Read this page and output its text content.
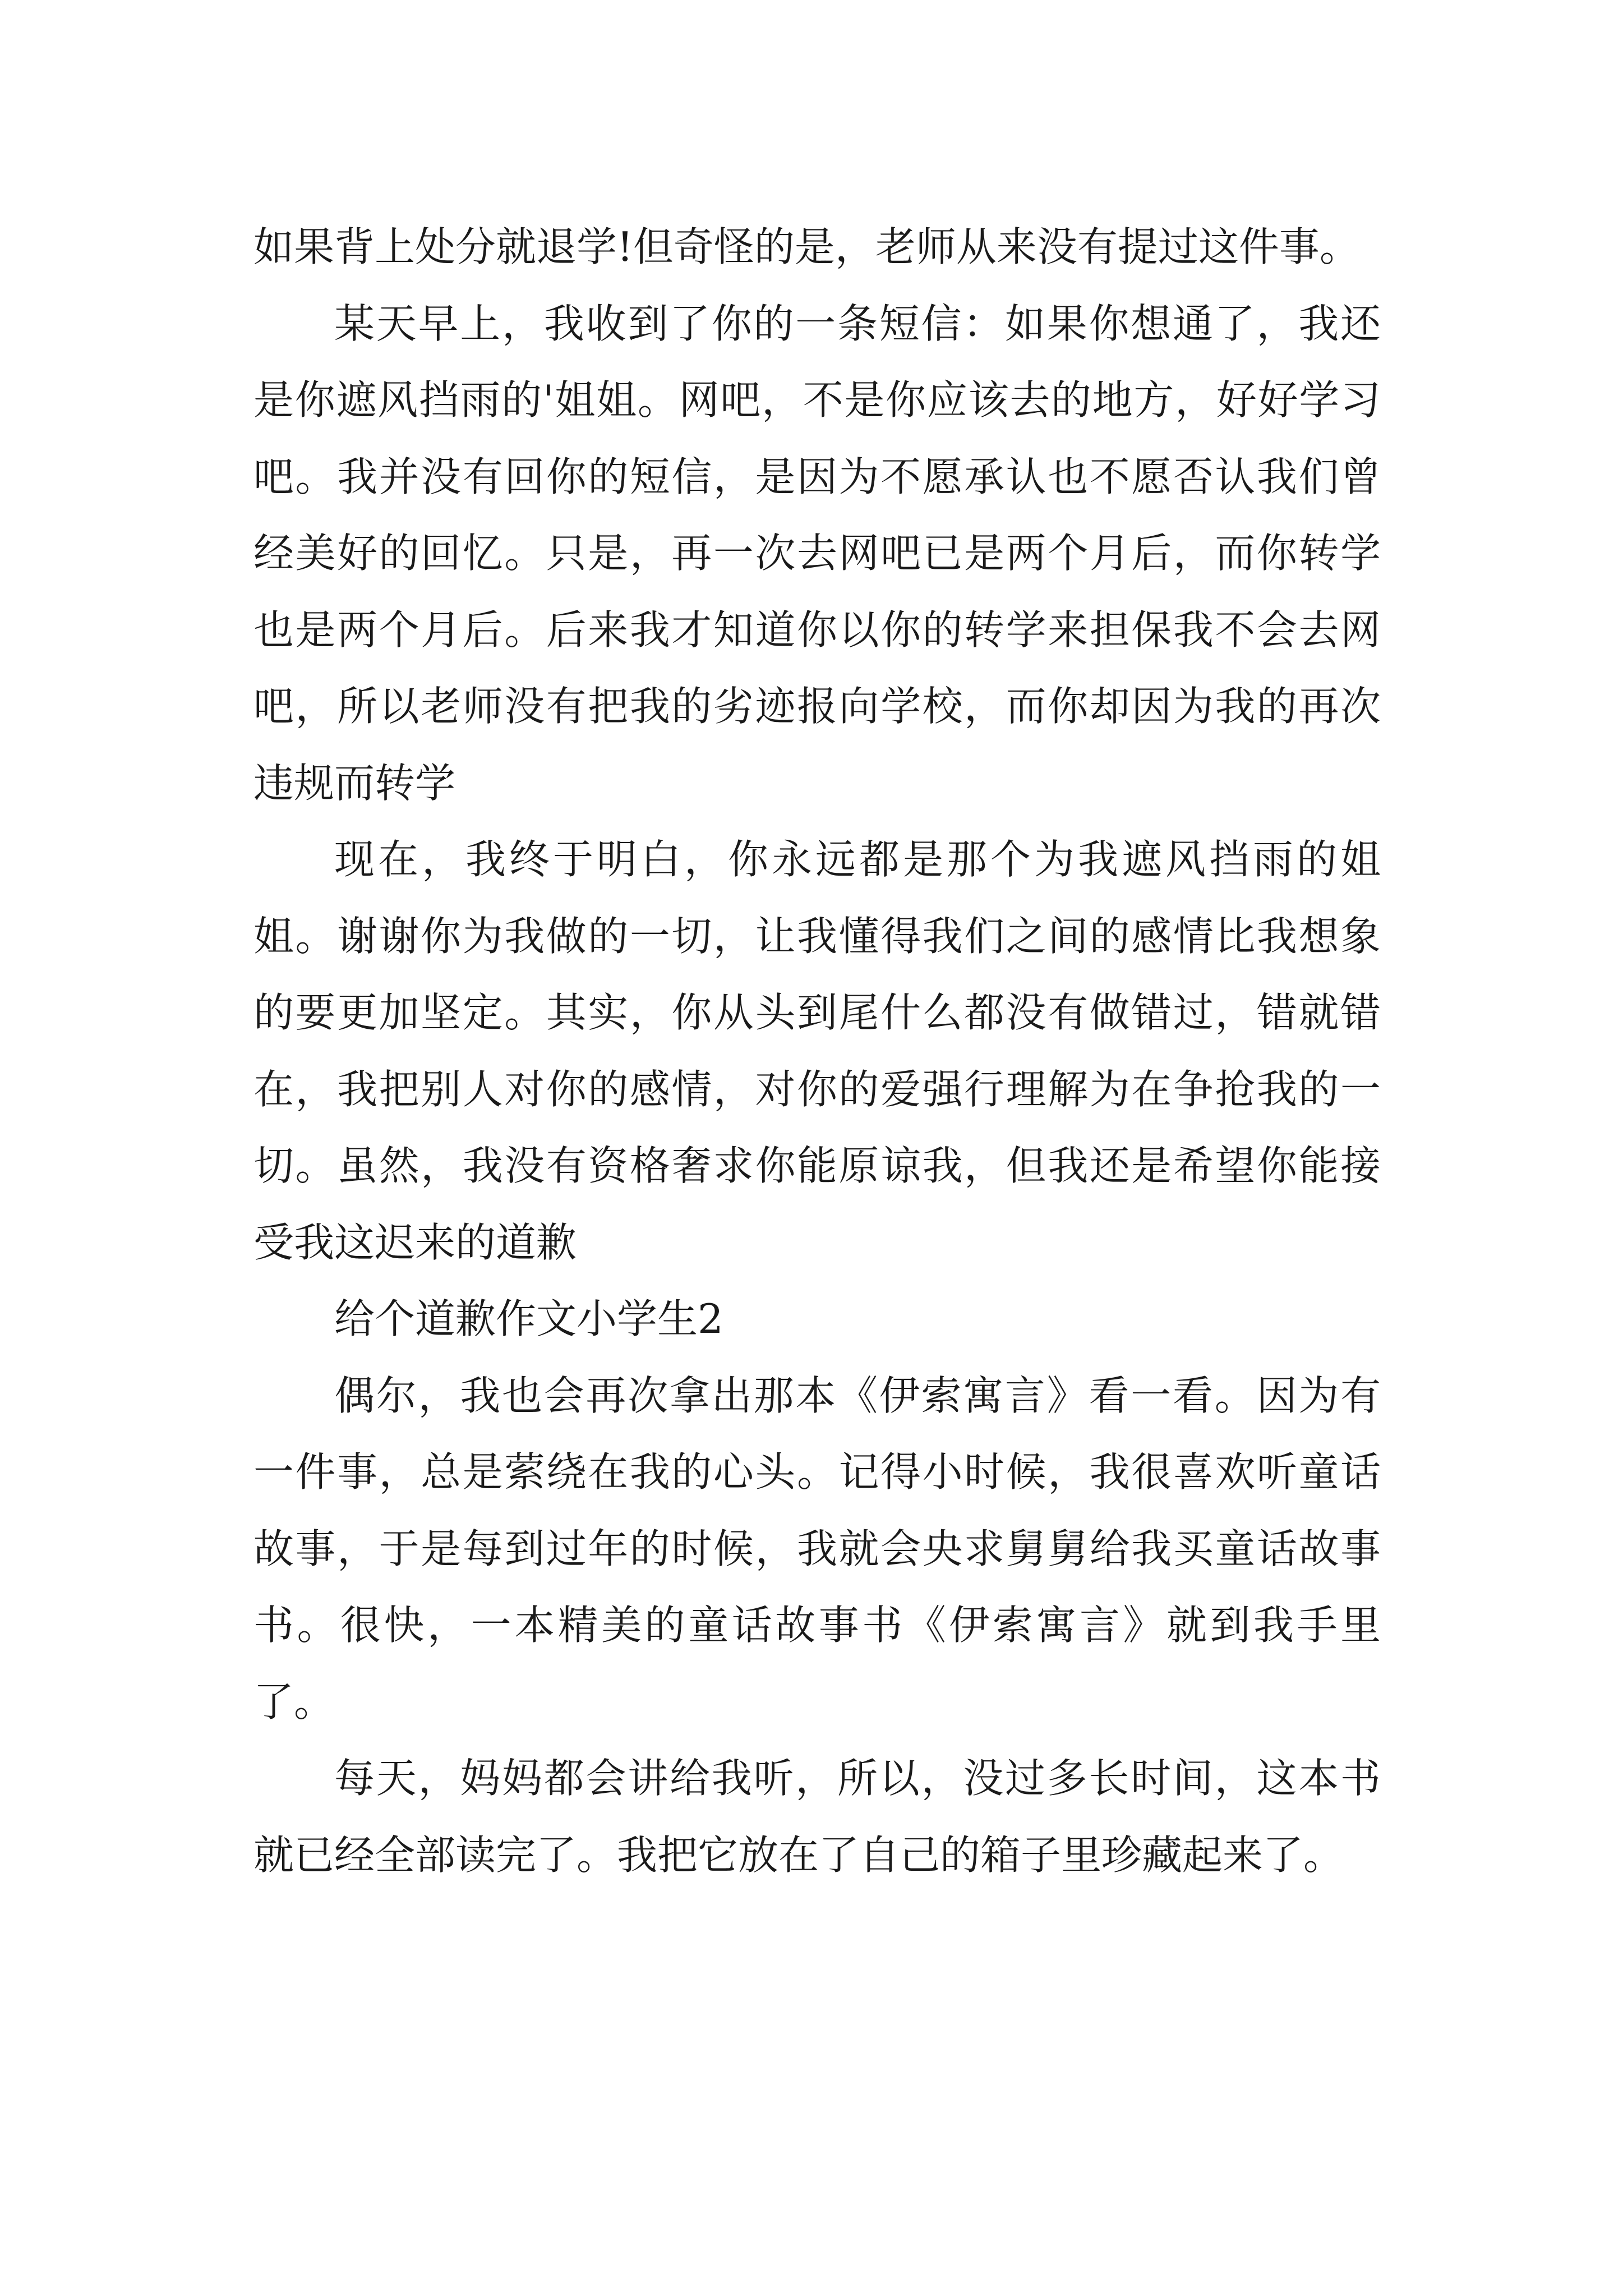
如果背上处分就退学!但奇怪的是，老师从来没有提过这件事。

某天早上，我收到了你的一条短信：如果你想通了，我还是你遮风挡雨的'姐姐。网吧，不是你应该去的地方，好好学习吧。我并没有回你的短信，是因为不愿承认也不愿否认我们曾经美好的回忆。只是，再一次去网吧已是两个月后，而你转学也是两个月后。后来我才知道你以你的转学来担保我不会去网吧，所以老师没有把我的劣迹报向学校，而你却因为我的再次违规而转学

现在，我终于明白，你永远都是那个为我遮风挡雨的姐姐。谢谢你为我做的一切，让我懂得我们之间的感情比我想象的要更加坚定。其实，你从头到尾什么都没有做错过，错就错在，我把别人对你的感情，对你的爱强行理解为在争抢我的一切。虽然，我没有资格奢求你能原谅我，但我还是希望你能接受我这迟来的道歉

给个道歉作文小学生2

偶尔，我也会再次拿出那本《伊索寓言》看一看。因为有一件事，总是萦绕在我的心头。记得小时候，我很喜欢听童话故事，于是每到过年的时候，我就会央求舅舅给我买童话故事书。很快，一本精美的童话故事书《伊索寓言》就到我手里了。

每天，妈妈都会讲给我听，所以，没过多长时间，这本书就已经全部读完了。我把它放在了自己的箱子里珍藏起来了。
